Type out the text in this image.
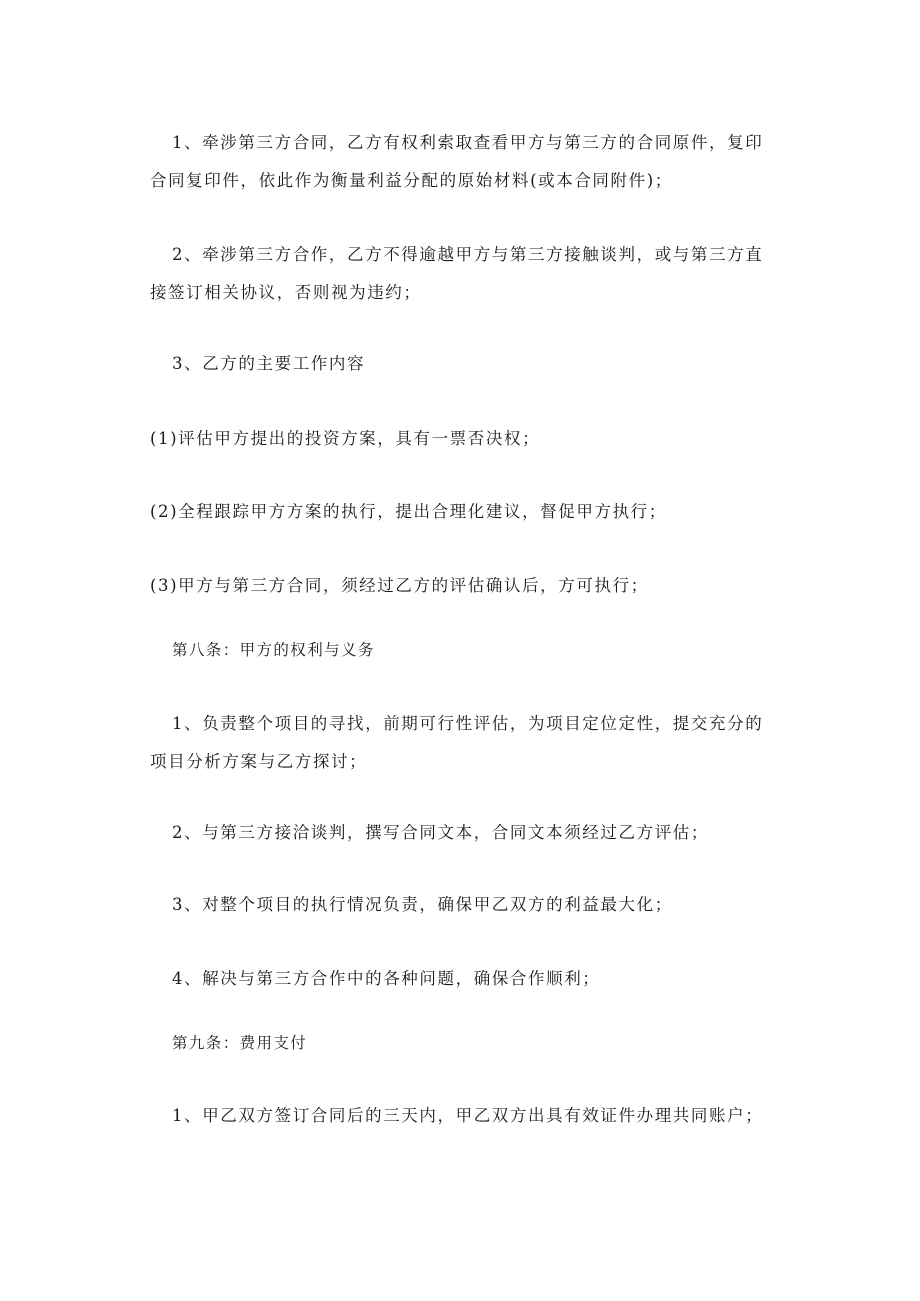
1、牵涉第三方合同，乙方有权利索取查看甲方与第三方的合同原件，复印合同复印件，依此作为衡量利益分配的原始材料(或本合同附件)；

2、牵涉第三方合作，乙方不得逾越甲方与第三方接触谈判，或与第三方直接签订相关协议，否则视为违约；

3、乙方的主要工作内容

(1)评估甲方提出的投资方案，具有一票否决权；

(2)全程跟踪甲方方案的执行，提出合理化建议，督促甲方执行；

(3)甲方与第三方合同，须经过乙方的评估确认后，方可执行；

第八条：甲方的权利与义务

1、负责整个项目的寻找，前期可行性评估，为项目定位定性，提交充分的项目分析方案与乙方探讨；

2、与第三方接洽谈判，撰写合同文本，合同文本须经过乙方评估；

3、对整个项目的执行情况负责，确保甲乙双方的利益最大化；

4、解决与第三方合作中的各种问题，确保合作顺利；

第九条：费用支付

1、甲乙双方签订合同后的三天内，甲乙双方出具有效证件办理共同账户；
